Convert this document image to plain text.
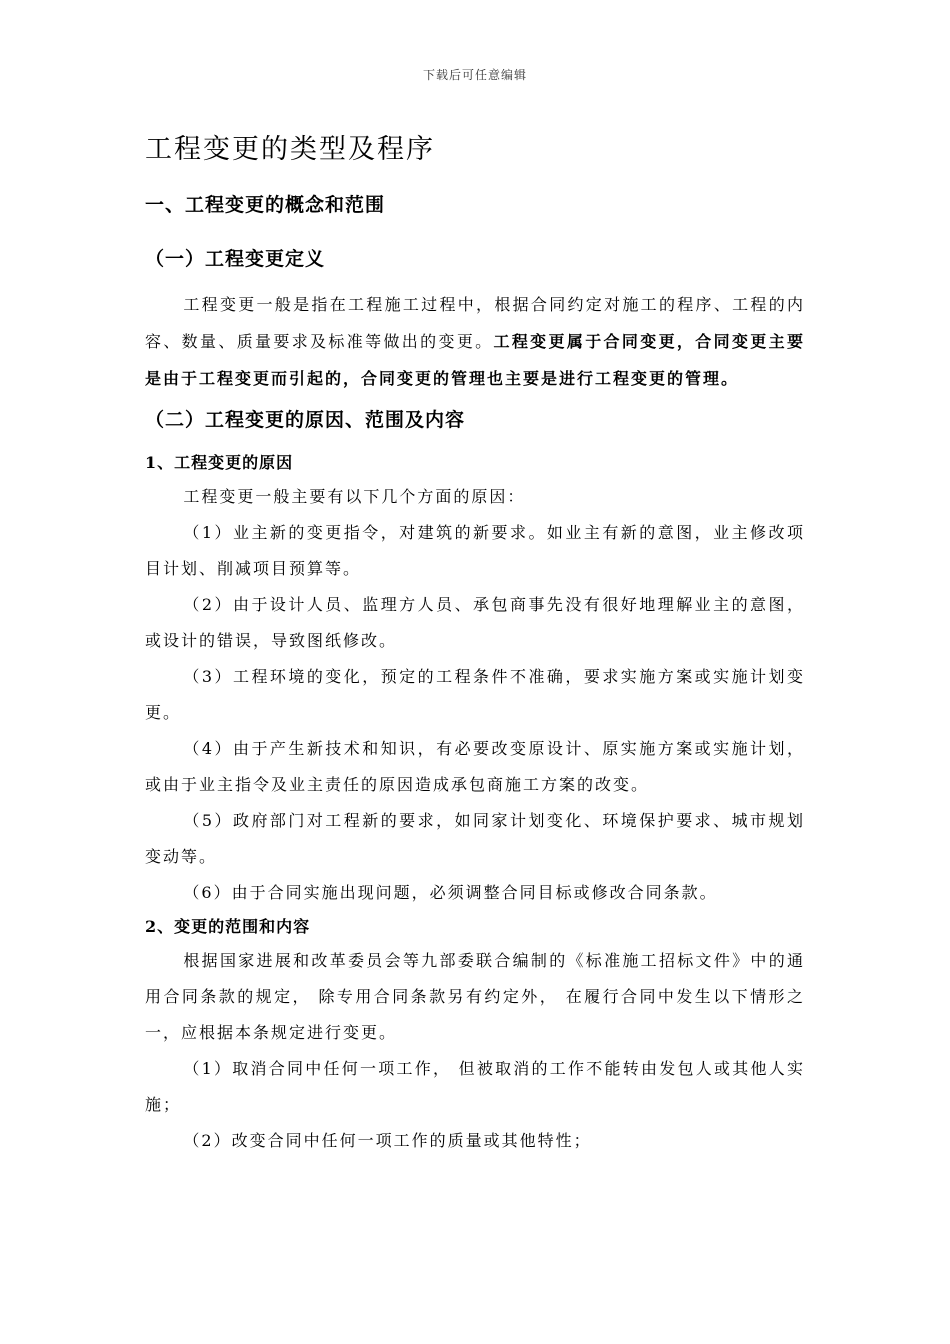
下载后可任意编辑
工程变更的类型及程序
一、工程变更的概念和范围
（一）工程变更定义

工程变更一般是指在工程施工过程中，根据合同约定对施工的程序、工程的内容、数量、质量要求及标准等做出的变更。工程变更属于合同变更，合同变更主要是由于工程变更而引起的，合同变更的管理也主要是进行工程变更的管理。

（二）工程变更的原因、范围及内容
1、工程变更的原因

工程变更一般主要有以下几个方面的原因：

（1）业主新的变更指令，对建筑的新要求。如业主有新的意图，业主修改项目计划、削减项目预算等。

（2）由于设计人员、监理方人员、承包商事先没有很好地理解业主的意图，或设计的错误，导致图纸修改。

（3）工程环境的变化，预定的工程条件不准确，要求实施方案或实施计划变更。

（4）由于产生新技术和知识，有必要改变原设计、原实施方案或实施计划，或由于业主指令及业主责任的原因造成承包商施工方案的改变。

（5）政府部门对工程新的要求，如同家计划变化、环境保护要求、城市规划变动等。

（6）由于合同实施出现问题，必须调整合同目标或修改合同条款。

2、变更的范围和内容

根据国家进展和改革委员会等九部委联合编制的《标准施工招标文件》中的通用合同条款的规定， 除专用合同条款另有约定外， 在履行合同中发生以下情形之一，应根据本条规定进行变更。

（1）取消合同中任何一项工作， 但被取消的工作不能转由发包人或其他人实施；

（2）改变合同中任何一项工作的质量或其他特性；
